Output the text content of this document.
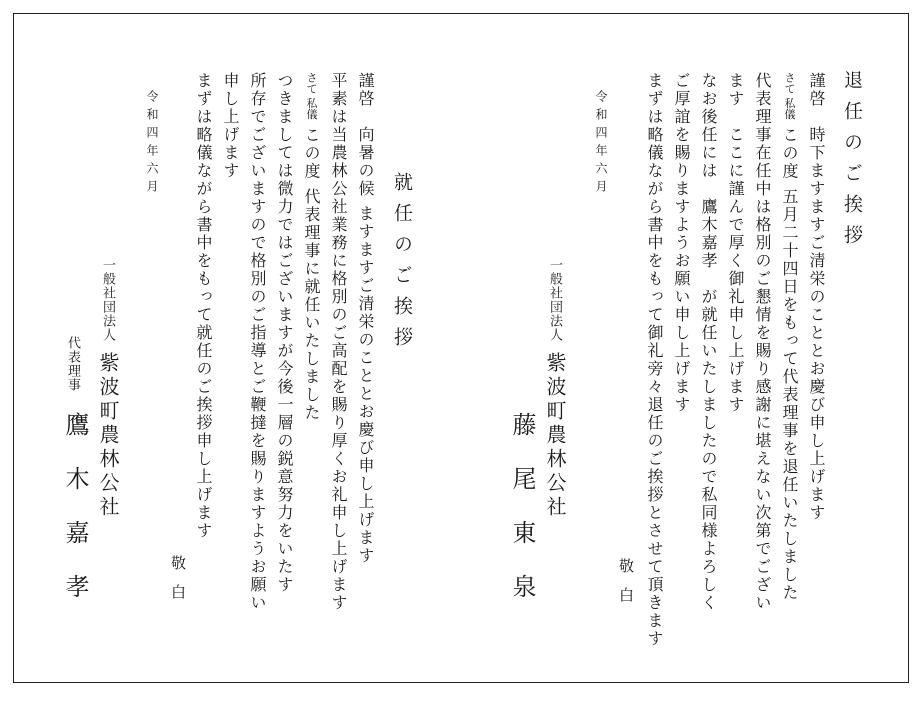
退任のご挨拶
謹啓　時下ますますご清栄のこととお慶び申し上げます
さて 私儀 この度 五月二十四日をもって代表理事を退任いたしました
代表理事在任中は格別のご懇情を賜り感謝に堪えない次第でござい
ます　ここに謹んで厚く御礼申し上げます
なお後任には　鷹木嘉孝　が就任いたしましたので私同様よろしく
ご厚誼を賜りますようお願い申し上げます
まずは略儀ながら書中をもって御礼旁々退任のご挨拶とさせて頂きます
敬白
令和四年六月
一般社団法人
紫波町農林公社
藤尾東泉
就任のご挨拶
謹啓　向暑の候 ますますご清栄のこととお慶び申し上げます
平素は当農林公社業務に格別のご高配を賜り厚くお礼申し上げます
さて 私儀 この度 代表理事に就任いたしました
つきましては微力ではございますが今後一層の鋭意努力をいたす
所存でございますので格別のご指導とご鞭撻を賜りますようお願い
申し上げます
まずは略儀ながら書中をもって就任のご挨拶申し上げます
敬白
令和四年六月
一般社団法人
紫波町農林公社
代表理事
鷹木嘉孝
